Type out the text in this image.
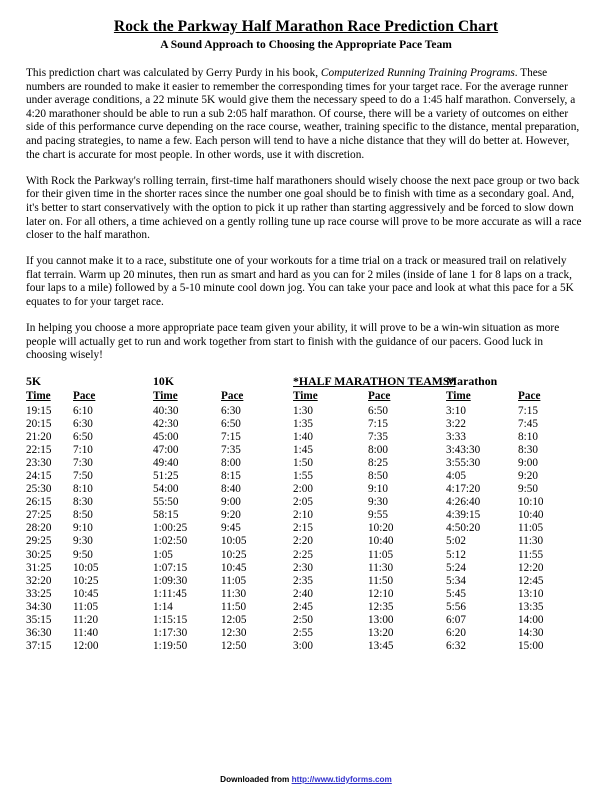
Rock the Parkway Half Marathon Race Prediction Chart
A Sound Approach to Choosing the Appropriate Pace Team

This prediction chart was calculated by Gerry Purdy in his book, Computerized Running Training Programs. These numbers are rounded to make it easier to remember the corresponding times for your target race. For the average runner under average conditions, a 22 minute 5K would give them the necessary speed to do a 1:45 half marathon. Conversely, a 4:20 marathoner should be able to run a sub 2:05 half marathon. Of course, there will be a variety of outcomes on either side of this performance curve depending on the race course, weather, training specific to the distance, mental preparation, and pacing strategies, to name a few. Each person will tend to have a niche distance that they will do better at. However, the chart is accurate for most people. In other words, use it with discretion.

With Rock the Parkway's rolling terrain, first-time half marathoners should wisely choose the next pace group or two back for their given time in the shorter races since the number one goal should be to finish with time as a secondary goal. And, it's better to start conservatively with the option to pick it up rather than starting aggressively and be forced to slow down later on. For all others, a time achieved on a gently rolling tune up race course will prove to be more accurate as will a race closer to the half marathon.

If you cannot make it to a race, substitute one of your workouts for a time trial on a track or measured trail on relatively flat terrain. Warm up 20 minutes, then run as smart and hard as you can for 2 miles (inside of lane 1 for 8 laps on a track, four laps to a mile) followed by a 5-10 minute cool down jog. You can take your pace and look at what this pace for a 5K equates to for your target race.

In helping you choose a more appropriate pace team given your ability, it will prove to be a win-win situation as more people will actually get to run and work together from start to finish with the guidance of our pacers. Good luck in choosing wisely!

5K		10K		*HALF MARATHON TEAMS*		Marathon	
Time	Pace	Time	Pace	Time	Pace	Time	Pace
19:15	6:10	40:30	6:30	1:30	6:50	3:10	7:15
20:15	6:30	42:30	6:50	1:35	7:15	3:22	7:45
21:20	6:50	45:00	7:15	1:40	7:35	3:33	8:10
22:15	7:10	47:00	7:35	1:45	8:00	3:43:30	8:30
23:30	7:30	49:40	8:00	1:50	8:25	3:55:30	9:00
24:15	7:50	51:25	8:15	1:55	8:50	4:05	9:20
25:30	8:10	54:00	8:40	2:00	9:10	4:17:20	9:50
26:15	8:30	55:50	9:00	2:05	9:30	4:26:40	10:10
27:25	8:50	58:15	9:20	2:10	9:55	4:39:15	10:40
28:20	9:10	1:00:25	9:45	2:15	10:20	4:50:20	11:05
29:25	9:30	1:02:50	10:05	2:20	10:40	5:02	11:30
30:25	9:50	1:05	10:25	2:25	11:05	5:12	11:55
31:25	10:05	1:07:15	10:45	2:30	11:30	5:24	12:20
32:20	10:25	1:09:30	11:05	2:35	11:50	5:34	12:45
33:25	10:45	1:11:45	11:30	2:40	12:10	5:45	13:10
34:30	11:05	1:14	11:50	2:45	12:35	5:56	13:35
35:15	11:20	1:15:15	12:05	2:50	13:00	6:07	14:00
36:30	11:40	1:17:30	12:30	2:55	13:20	6:20	14:30
37:15	12:00	1:19:50	12:50	3:00	13:45	6:32	15:00
Downloaded from http://www.tidyforms.com
